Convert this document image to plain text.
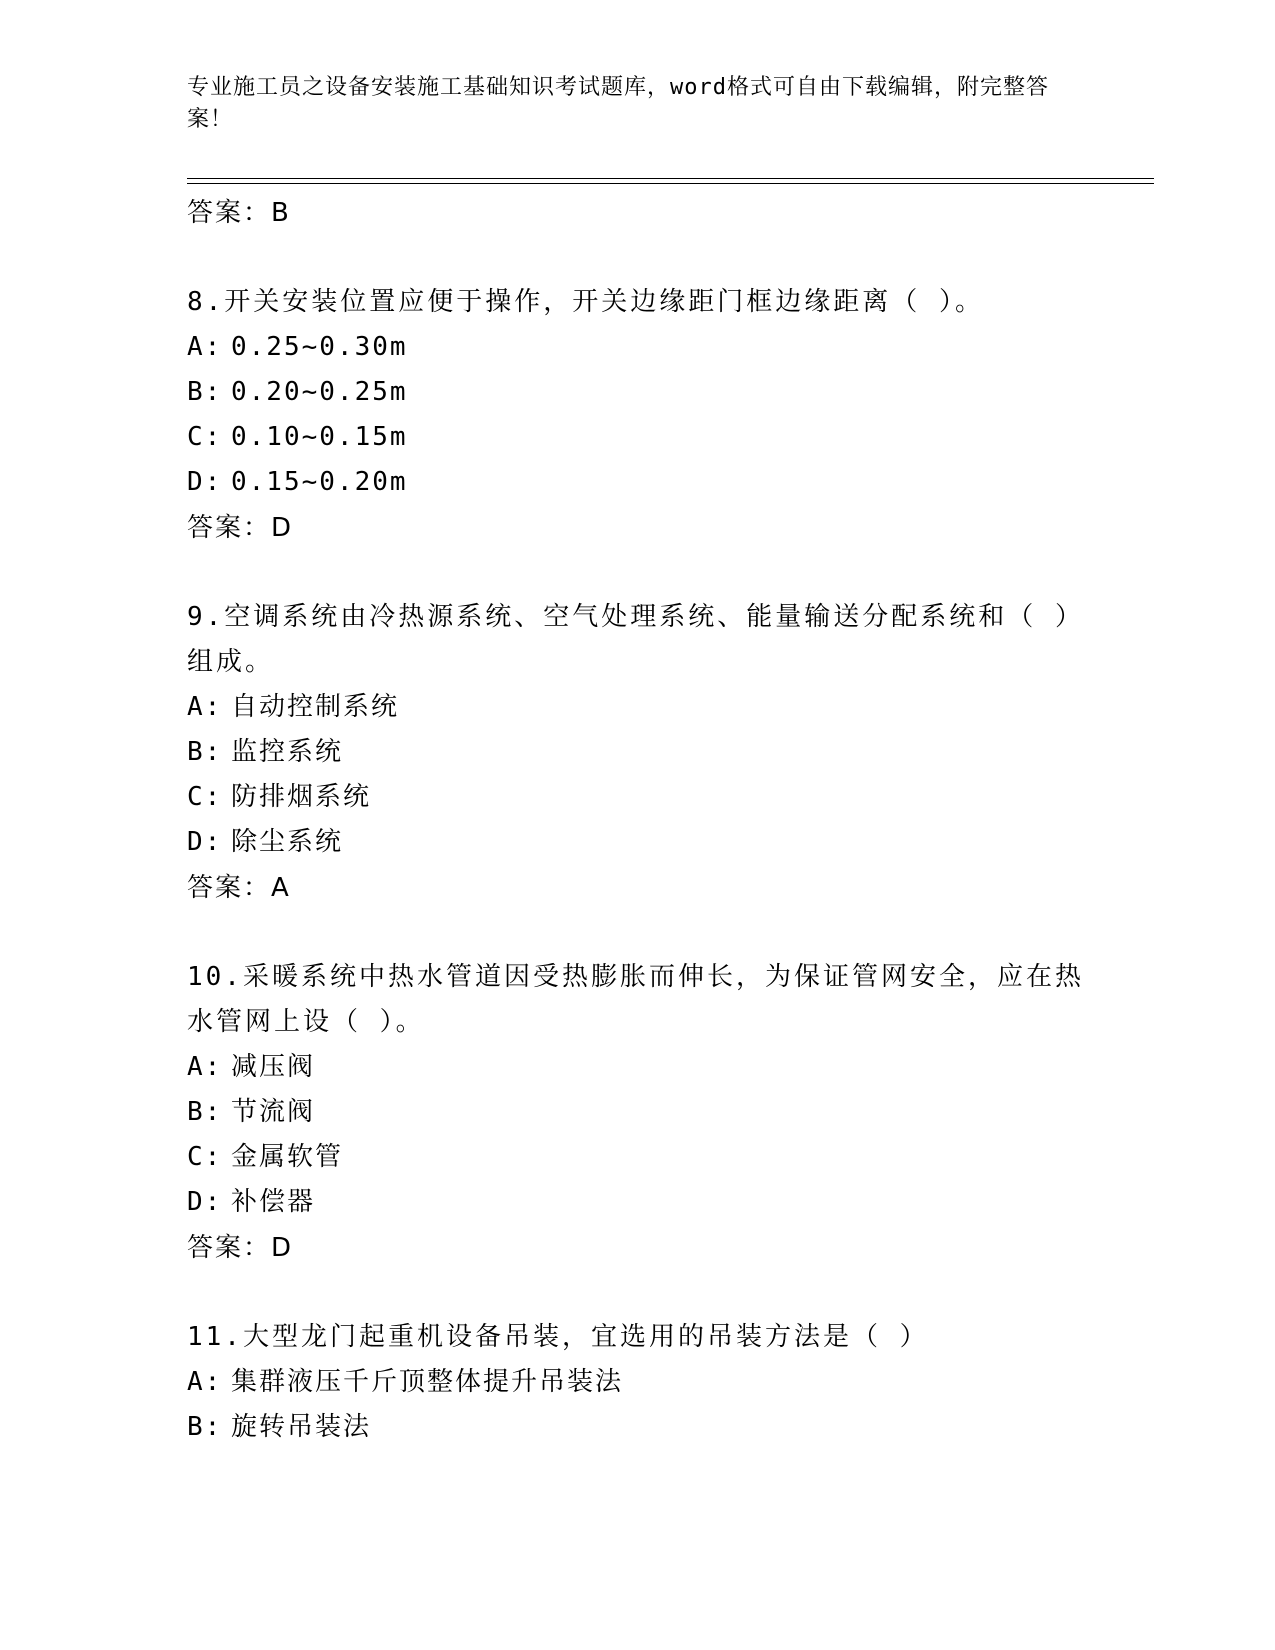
专业施工员之设备安装施工基础知识考试题库，word格式可自由下载编辑，附完整答案！
答案：B
8.开关安装位置应便于操作，开关边缘距门框边缘距离（ ）。
A: 0.25~0.30m
B: 0.20~0.25m
C: 0.10~0.15m
D: 0.15~0.20m
答案：D
9.空调系统由冷热源系统、空气处理系统、能量输送分配系统和（ ）组成。
A: 自动控制系统
B: 监控系统
C: 防排烟系统
D: 除尘系统
答案：A
10.采暖系统中热水管道因受热膨胀而伸长，为保证管网安全，应在热水管网上设（ ）。
A: 减压阀
B: 节流阀
C: 金属软管
D: 补偿器
答案：D
11.大型龙门起重机设备吊装，宜选用的吊装方法是（ ）
A: 集群液压千斤顶整体提升吊装法
B: 旋转吊装法
